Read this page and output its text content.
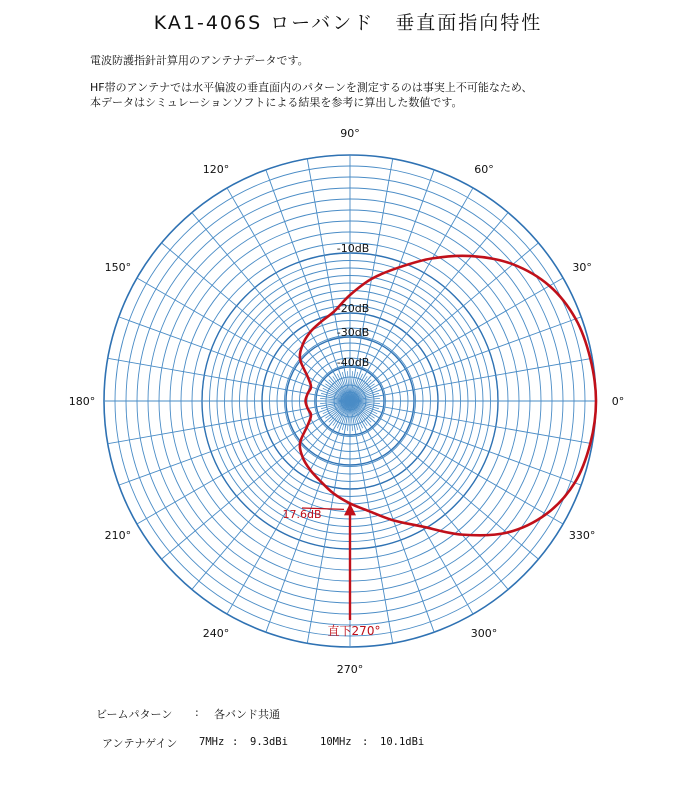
KA1-406S ローバンド　垂直面指向特性
電波防護指針計算用のアンテナデータです。
HF帯のアンテナでは水平偏波の垂直面内のパターンを測定するのは事実上不可能なため、
本データはシミュレーションソフトによる結果を参考に算出した数値です。
0°
30°
60°
90°
120°
150°
180°
210°
240°
270°
300°
330°
-10dB
-20dB
-30dB
-40dB
17.6dB
直下270°
ビームパターン : 各バンド共通
アンテナゲイン 7MHz : 9.3dBi	10MHz : 10.1dBi
